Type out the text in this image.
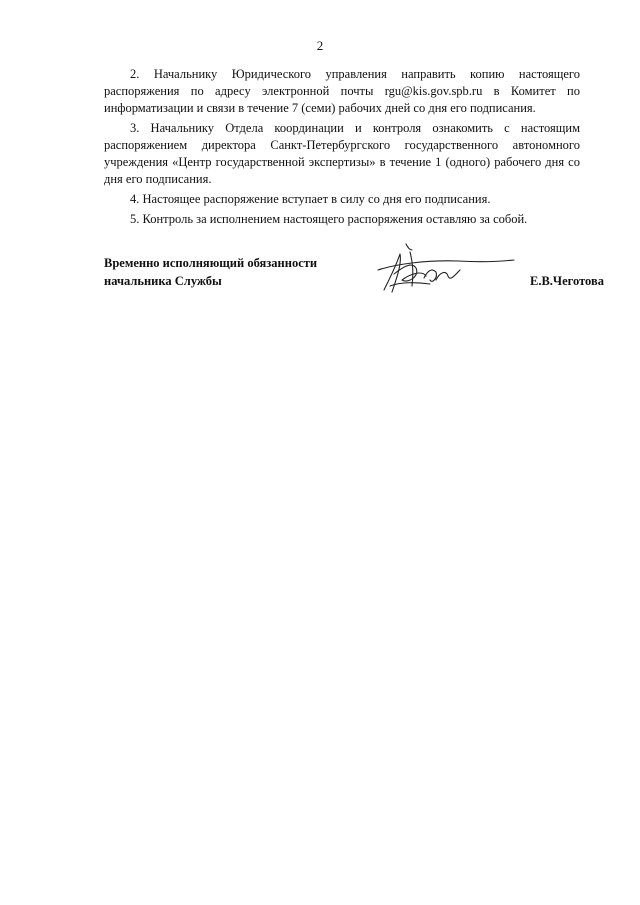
2

2. Начальнику Юридического управления направить копию настоящего распоряжения по адресу электронной почты rgu@kis.gov.spb.ru в Комитет по информатизации и связи в течение 7 (семи) рабочих дней со дня его подписания.

3. Начальнику Отдела координации и контроля ознакомить с настоящим распоряжением директора Санкт-Петербургского государственного автономного учреждения «Центр государственной экспертизы» в течение 1 (одного) рабочего дня со дня его подписания.

4. Настоящее распоряжение вступает в силу со дня его подписания.

5. Контроль за исполнением настоящего распоряжения оставляю за собой.

Временно исполняющий обязанности
начальника Службы	Е.В.Чеготова
